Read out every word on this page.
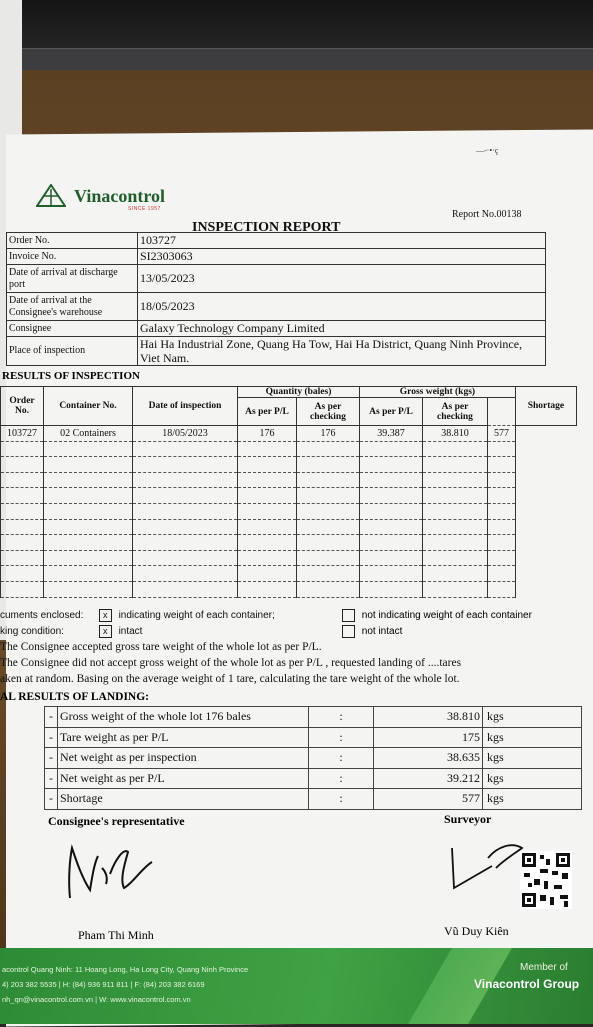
—-·•·ç
Vinacontrol
SINCE 1957	Report No.00138
INSPECTION REPORT
Order No.	103727
Invoice No.	SI2303063
Date of arrival at discharge port	13/05/2023
Date of arrival at the Consignee's warehouse	18/05/2023
Consignee	Galaxy Technology Company Limited
Place of inspection	Hai Ha Industrial Zone, Quang Ha Tow, Hai Ha District, Quang Ninh Province, Viet Nam.
RESULTS OF INSPECTION
Order No.	Container No.	Date of inspection	Quantity (bales)		Gross weight (kgs)			Shortage
			As per P/L	As per checking	As per P/L	As per checking		
103727	02 Containers	18/05/2023	176	176	39.387	38.810	577	

cuments enclosed: x indicating weight of each container;	not indicating weight of each container
king condition:	x intact	not intact
The Consignee accepted gross tare weight of the whole lot as per P/L.
The Consignee did not accept gross weight of the whole lot as per P/L , requested landing of ....tares
aken at random. Basing on the average weight of 1 tare, calculating the tare weight of the whole lot.
AL RESULTS OF LANDING:
-	Gross weight of the whole lot 176 bales	:	38.810	kgs
-	Tare weight as per P/L	:	175	kgs
-	Net weight as per inspection	:	38.635	kgs
-	Net weight as per P/L	:	39.212	kgs
-	Shortage	:	577	kgs
Consignee's representative	Surveyor
Pham Thi Minh	Vũ Duy Kiên
acontrol Quang Ninh: 11 Hoang Long, Ha Long City, Quang Ninh Province
4) 203 382 5535 | H: (84) 936 911 811 | F: (84) 203 382 6169
nh_qn@vinacontrol.com.vn | W: www.vinacontrol.com.vn
Member of
Vinacontrol Group
